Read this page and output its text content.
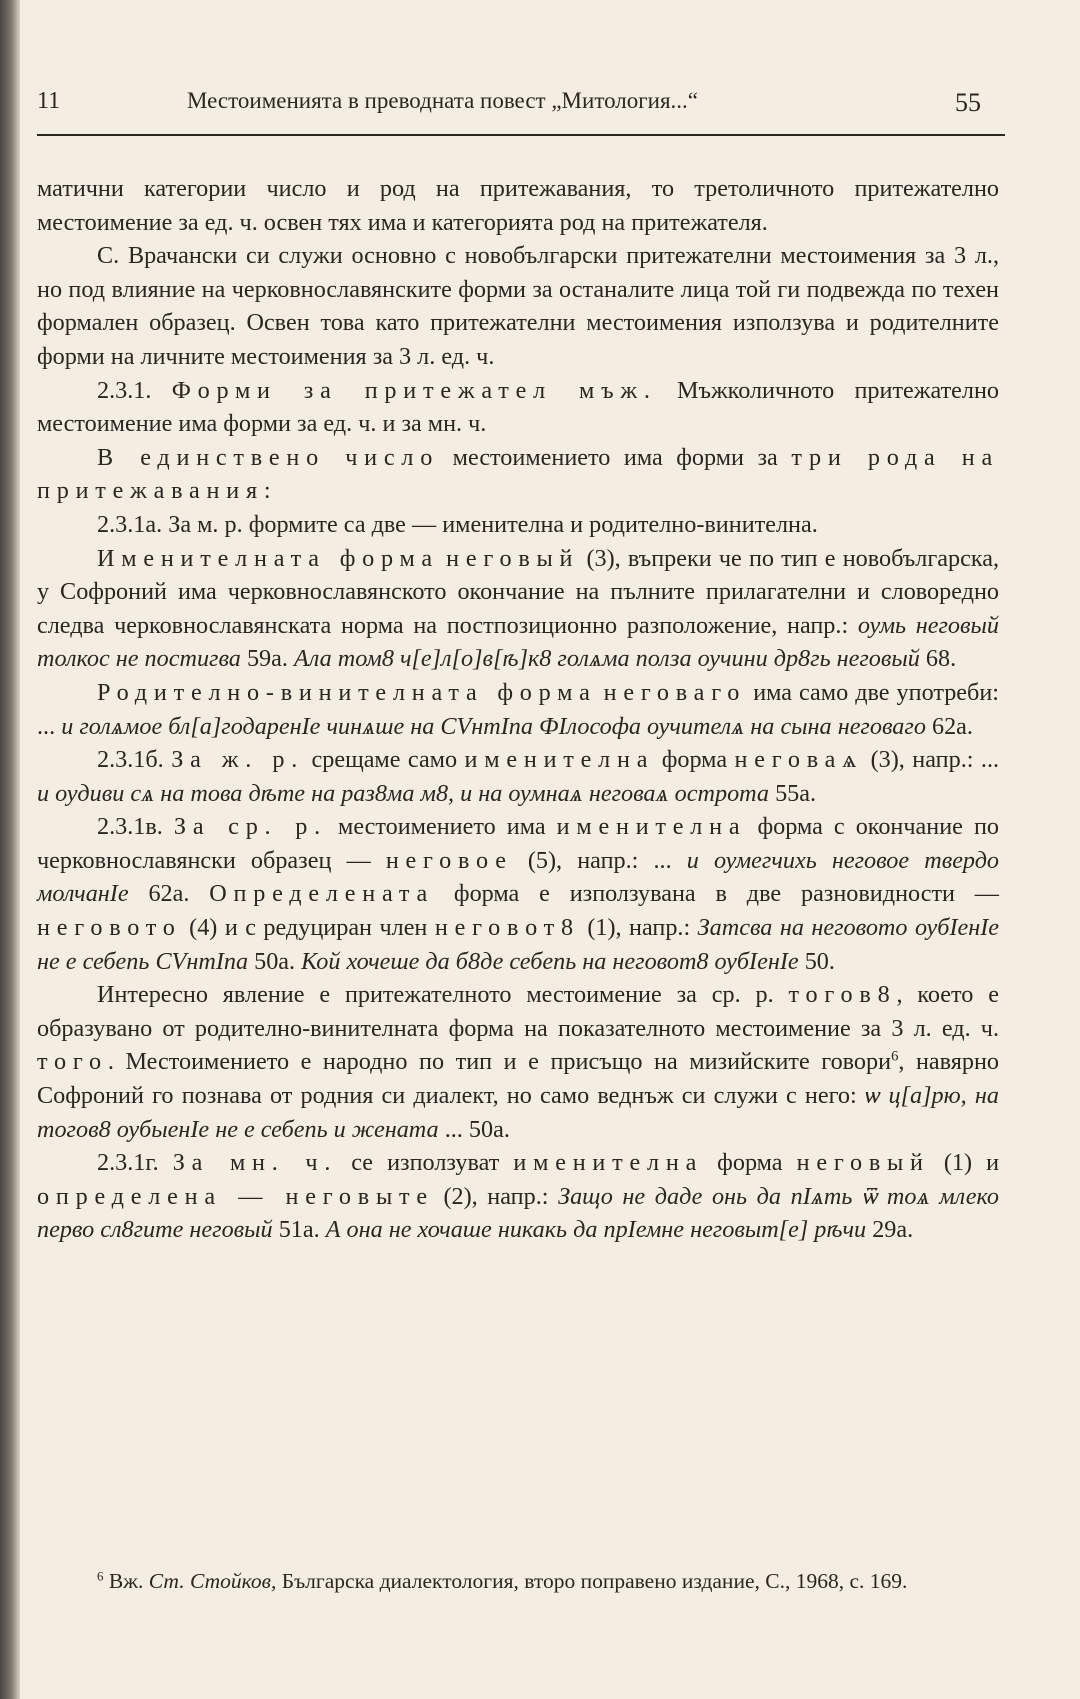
11	Местоименията в преводната повест „Митология...“	55

матични категории число и род на притежавания, то третоличното притежателно местоимение за ед. ч. освен тях има и категорията род на притежателя.

С. Врачански си служи основно с новобългарски притежателни местоимения за 3 л., но под влияние на черковнославянските форми за останалите лица той ги подвежда по техен формален образец. Освен това като притежателни местоимения използува и родителните форми на личните местоимения за 3 л. ед. ч.

2.3.1. Форми за притежател мъж. Мъжколичното притежателно местоимение има форми за ед. ч. и за мн. ч.

В единствено число местоимението има форми за три рода на притежавания:

2.3.1а. За м. р. формите са две — именителна и родително-винителна.

Именителната форма неговый (3), въпреки че по тип е новобългарска, у Софроний има черковнославянското окончание на пълните прилагателни и словоредно следва черковнославянската норма на постпозиционно разположение, напр.: оумь неговый толкос не постигва 59а. Ала том8 ч[е]л[о]в[ѣ]к8 голѧма полза оучини др8гь неговый 68.

Родително-винителната форма неговаго има само две употреби: ... и голѧмое бл[а]годаренIе чинѧше на СVнтIпа ФIлософа оучителѧ на сына неговаго 62а.

2.3.1б. За ж. р. срещаме само именителна форма неговаѧ (3), напр.: ... и оудиви сѧ на това дѣте на раз8ма м8, и на оумнаѧ неговаѧ острота 55а.

2.3.1в. За ср. р. местоимението има именителна форма с окончание по черковнославянски образец — неговое (5), напр.: ... и оумегчихь неговое твердо молчанIе 62а. Определената форма е използувана в две разновидности — неговото (4) и с редуциран член неговот8 (1), напр.: Затсва на неговото оубIенIе не е себепь СVнтIпа 50а. Кой хочеше да б8де себепь на неговот8 оубIенIе 50.

Интересно явление е притежателното местоимение за ср. р. тогов8, което е образувано от родително-винителната форма на показателното местоимение за 3 л. ед. ч. того. Местоимението е народно по тип и е присъщо на мизийските говори$^6$, навярно Софроний го познава от родния си диалект, но само веднъж си служи с него: ѡ ц[а]рю, на тогов8 оубыенIе не е себепь и жената ... 50а.

2.3.1г. За мн. ч. се използуват именителна форма неговый (1) и определена — неговыте (2), напр.: Защо не даде онь да пIѧть ѿ тоѧ млеко перво сл8гите неговый 51а. А она не хочаше никакь да прIемне неговыт[е] рѣчи 29а.

$^6$ Вж. Ст. Стойков, Българска диалектология, второ поправено издание, С., 1968, с. 169.
